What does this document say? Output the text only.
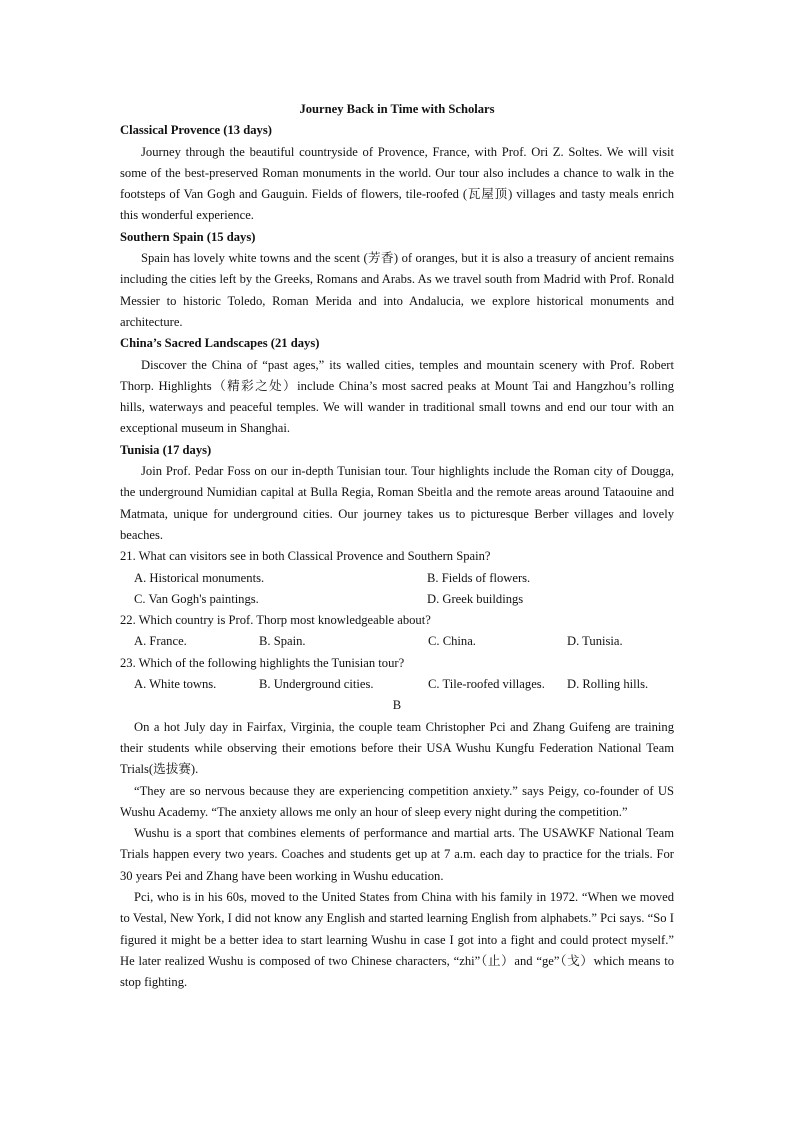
Journey Back in Time with Scholars
Classical Provence (13 days)
Journey through the beautiful countryside of Provence, France, with Prof. Ori Z. Soltes. We will visit some of the best-preserved Roman monuments in the world. Our tour also includes a chance to walk in the footsteps of Van Gogh and Gauguin. Fields of flowers, tile-roofed (瓦屋顶) villages and tasty meals enrich this wonderful experience.
Southern Spain (15 days)
Spain has lovely white towns and the scent (芳香) of oranges, but it is also a treasury of ancient remains including the cities left by the Greeks, Romans and Arabs. As we travel south from Madrid with Prof. Ronald Messier to historic Toledo, Roman Merida and into Andalucia, we explore historical monuments and architecture.
China’s Sacred Landscapes (21 days)
Discover the China of “past ages,” its walled cities, temples and mountain scenery with Prof. Robert Thorp. Highlights（精彩之处）include China’s most sacred peaks at Mount Tai and Hangzhou’s rolling hills, waterways and peaceful temples. We will wander in traditional small towns and end our tour with an exceptional museum in Shanghai.
Tunisia (17 days)
Join Prof. Pedar Foss on our in-depth Tunisian tour. Tour highlights include the Roman city of Dougga, the underground Numidian capital at Bulla Regia, Roman Sbeitla and the remote areas around Tataouine and Matmata, unique for underground cities. Our journey takes us to picturesque Berber villages and lovely beaches.
21. What can visitors see in both Classical Provence and Southern Spain?
A. Historical monuments.	B. Fields of flowers.
C. Van Gogh's paintings.	D. Greek buildings
22. Which country is Prof. Thorp most knowledgeable about?
A. France.	B. Spain.	C. China.	D. Tunisia.
23. Which of the following highlights the Tunisian tour?
A. White towns.	B. Underground cities.	C. Tile-roofed villages.	D. Rolling hills.
B
On a hot July day in Fairfax, Virginia, the couple team Christopher Pci and Zhang Guifeng are training their students while observing their emotions before their USA Wushu Kungfu Federation National Team Trials(选拔赛).
“They are so nervous because they are experiencing competition anxiety.” says Peigy, co-founder of US Wushu Academy. “The anxiety allows me only an hour of sleep every night during the competition.”
Wushu is a sport that combines elements of performance and martial arts. The USAWKF National Team Trials happen every two years. Coaches and students get up at 7 a.m. each day to practice for the trials. For 30 years Pei and Zhang have been working in Wushu education.
Pci, who is in his 60s, moved to the United States from China with his family in 1972. “When we moved to Vestal, New York, I did not know any English and started learning English from alphabets.” Pci says. “So I figured it might be a better idea to start learning Wushu in case I got into a fight and could protect myself.” He later realized Wushu is composed of two Chinese characters, “zhi”（止）and “ge”（戈）which means to stop fighting.
